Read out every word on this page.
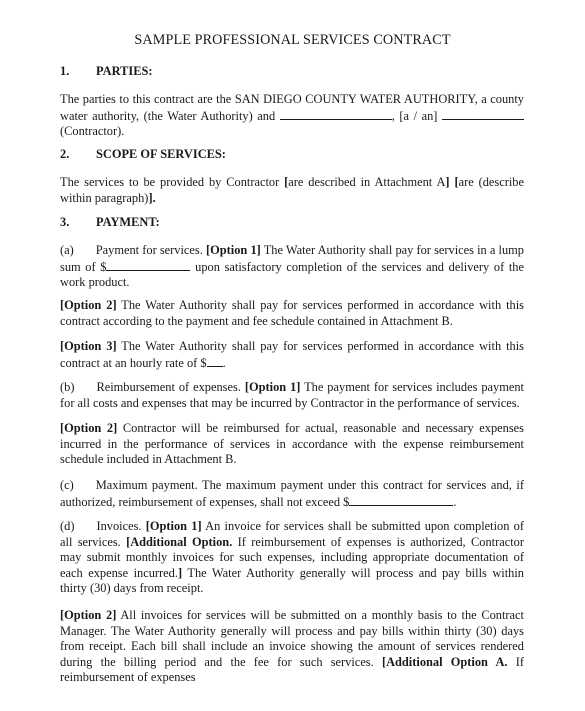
SAMPLE PROFESSIONAL SERVICES CONTRACT
1. PARTIES:

The parties to this contract are the SAN DIEGO COUNTY WATER AUTHORITY, a county water authority, (the Water Authority) and	, [a / an]  (Contractor).

2. SCOPE OF SERVICES:

The services to be provided by Contractor [are described in Attachment A] [are (describe within paragraph)].

3. PAYMENT:

(a) Payment for services. [Option 1] The Water Authority shall pay for services in a lump sum of $	upon satisfactory completion of the services and delivery of the work product.

[Option 2] The Water Authority shall pay for services performed in accordance with this contract according to the payment and fee schedule contained in Attachment B.

[Option 3] The Water Authority shall pay for services performed in accordance with this contract at an hourly rate of $ .

(b) Reimbursement of expenses. [Option 1] The payment for services includes payment for all costs and expenses that may be incurred by Contractor in the performance of services.

[Option 2] Contractor will be reimbursed for actual, reasonable and necessary expenses incurred in the performance of services in accordance with the expense reimbursement schedule included in Attachment B.

(c) Maximum payment. The maximum payment under this contract for services and, if authorized, reimbursement of expenses, shall not exceed $	.

(d) Invoices. [Option 1] An invoice for services shall be submitted upon completion of all services. [Additional Option. If reimbursement of expenses is authorized, Contractor may submit monthly invoices for such expenses, including appropriate documentation of each expense incurred.] The Water Authority generally will process and pay bills within thirty (30) days from receipt.

[Option 2] All invoices for services will be submitted on a monthly basis to the Contract Manager. The Water Authority generally will process and pay bills within thirty (30) days from receipt. Each bill shall include an invoice showing the amount of services rendered during the billing period and the fee for such services. [Additional Option A. If reimbursement of expenses
